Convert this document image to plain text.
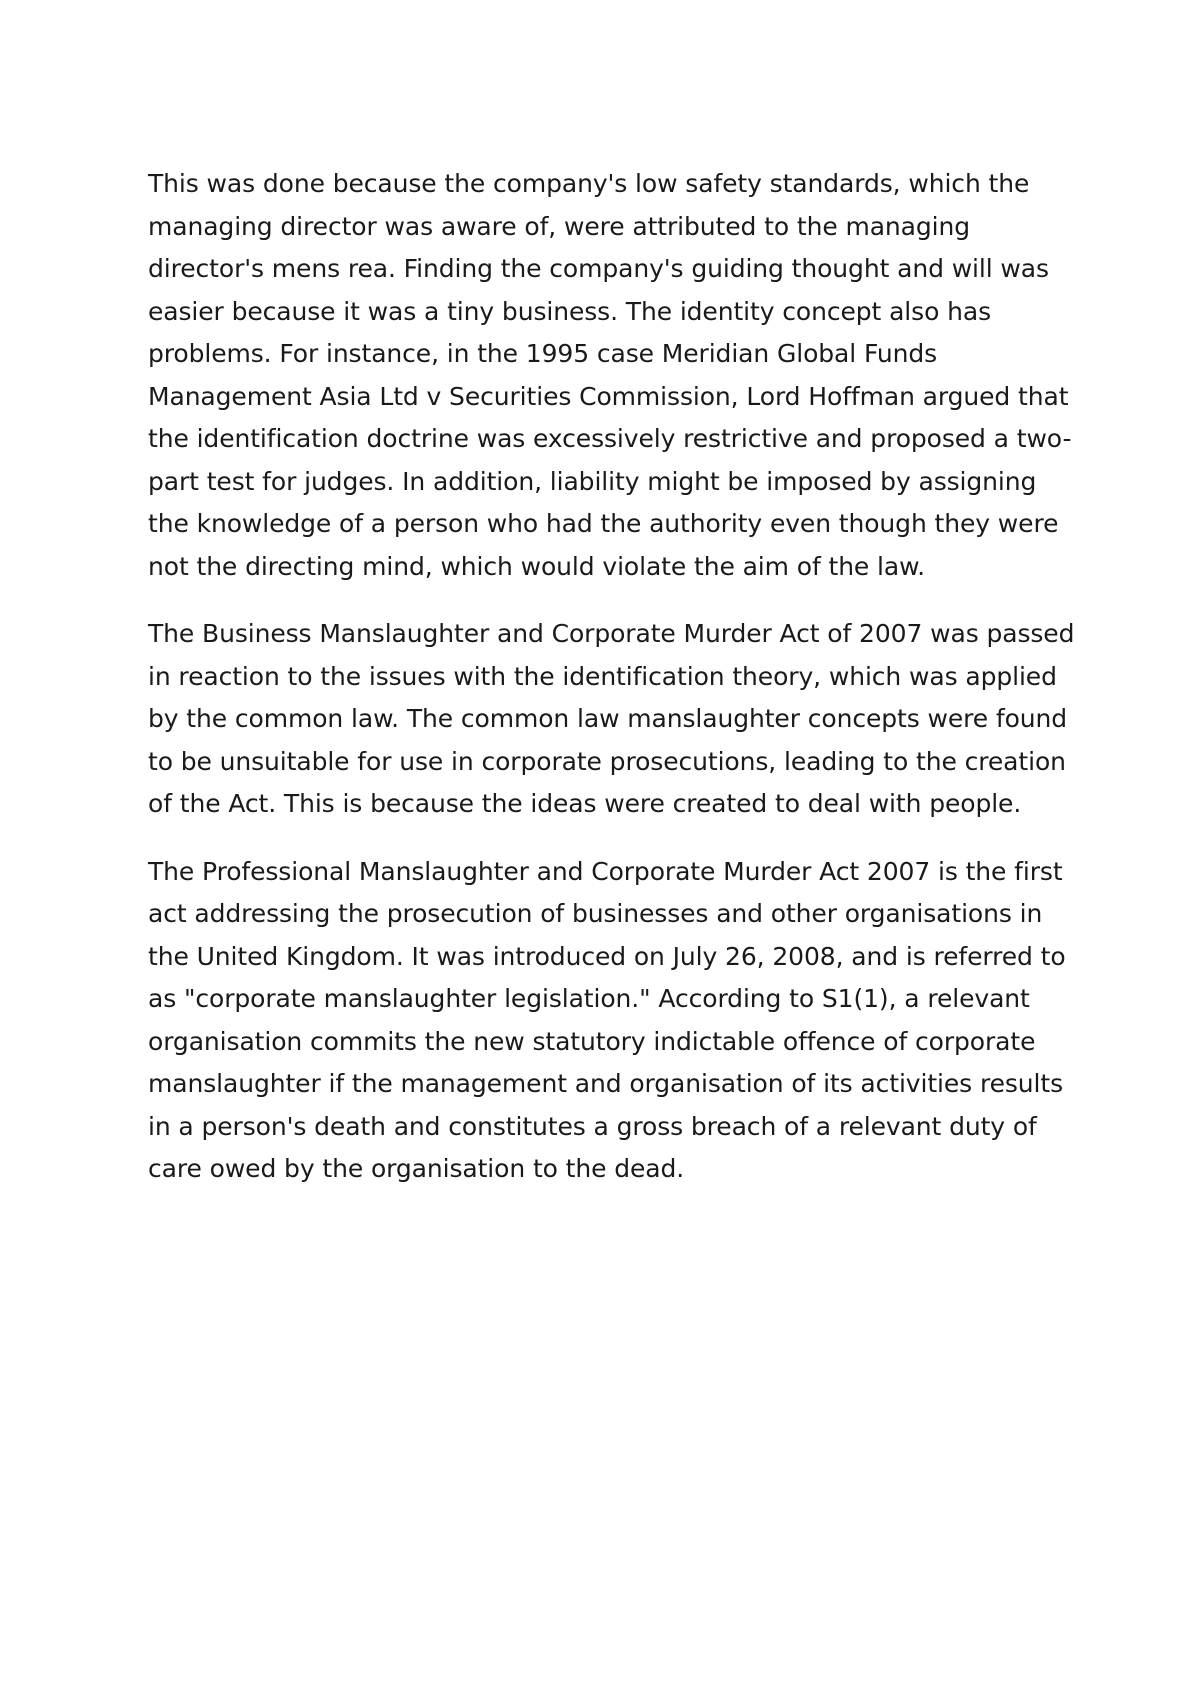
This was done because the company's low safety standards, which the
managing director was aware of, were attributed to the managing
director's mens rea. Finding the company's guiding thought and will was
easier because it was a tiny business. The identity concept also has
problems. For instance, in the 1995 case Meridian Global Funds
Management Asia Ltd v Securities Commission, Lord Hoffman argued that
the identification doctrine was excessively restrictive and proposed a two-
part test for judges. In addition, liability might be imposed by assigning
the knowledge of a person who had the authority even though they were
not the directing mind, which would violate the aim of the law.

The Business Manslaughter and Corporate Murder Act of 2007 was passed
in reaction to the issues with the identification theory, which was applied
by the common law. The common law manslaughter concepts were found
to be unsuitable for use in corporate prosecutions, leading to the creation
of the Act. This is because the ideas were created to deal with people.

The Professional Manslaughter and Corporate Murder Act 2007 is the first
act addressing the prosecution of businesses and other organisations in
the United Kingdom. It was introduced on July 26, 2008, and is referred to
as "corporate manslaughter legislation." According to S1(1), a relevant
organisation commits the new statutory indictable offence of corporate
manslaughter if the management and organisation of its activities results
in a person's death and constitutes a gross breach of a relevant duty of
care owed by the organisation to the dead.
